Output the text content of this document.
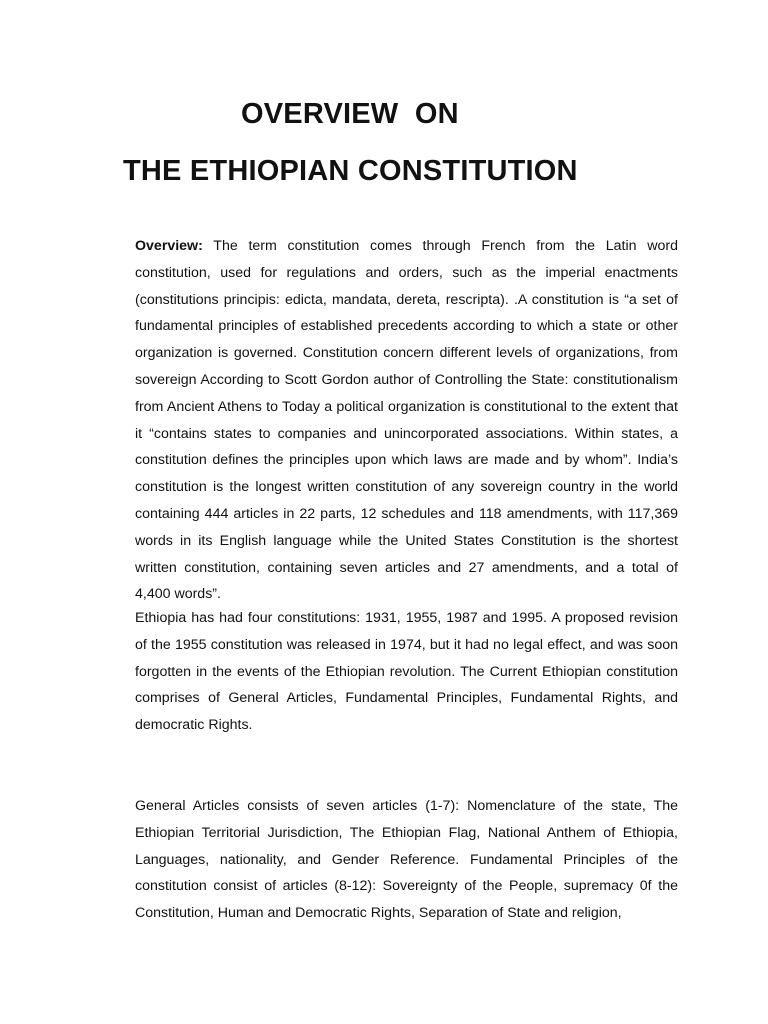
OVERVIEW  ON
THE ETHIOPIAN CONSTITUTION

Overview: The term constitution comes through French from the Latin word constitution, used for regulations and orders, such as the imperial enactments (constitutions principis: edicta, mandata, dereta, rescripta). .A constitution is “a set of fundamental principles of established precedents according to which a state or other organization is governed. Constitution concern different levels of organizations, from sovereign According to Scott Gordon author of Controlling the State: constitutionalism from Ancient Athens to Today a political organization is constitutional to the extent that it “contains states to companies and unincorporated associations. Within states, a constitution defines the principles upon which laws are made and by whom”. India’s constitution is the longest written constitution of any sovereign country in the world containing 444 articles in 22 parts, 12 schedules and 118 amendments, with 117,369 words in its English language while the United States Constitution is the shortest written constitution, containing seven articles and 27 amendments, and a total of 4,400 words”.

Ethiopia has had four constitutions: 1931, 1955, 1987 and 1995. A proposed revision of the 1955 constitution was released in 1974, but it had no legal effect, and was soon forgotten in the events of the Ethiopian revolution. The Current Ethiopian constitution comprises of General Articles, Fundamental Principles, Fundamental Rights, and democratic Rights.

General Articles consists of seven articles (1-7): Nomenclature of the state, The Ethiopian Territorial Jurisdiction, The Ethiopian Flag, National Anthem of Ethiopia, Languages, nationality, and Gender Reference. Fundamental Principles of the constitution consist of articles (8-12): Sovereignty of the People, supremacy 0f the Constitution, Human and Democratic Rights, Separation of State and religion,
